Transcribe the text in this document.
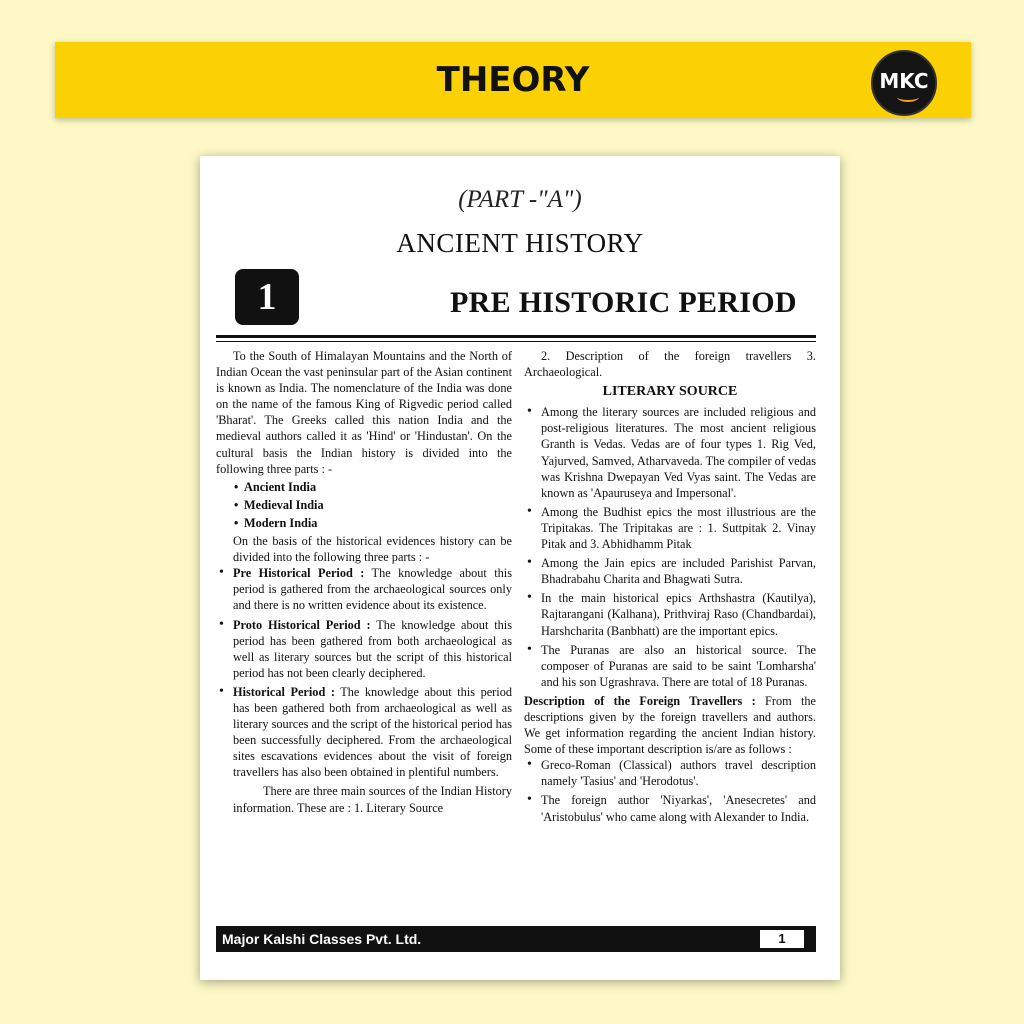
THEORY	MKC
(PART -"A")
ANCIENT HISTORY
1	PRE HISTORIC PERIOD

To the South of Himalayan Mountains and the North of Indian Ocean the vast peninsular part of the Asian continent is known as India. The nomenclature of the India was done on the name of the famous King of Rigvedic period called 'Bharat'. The Greeks called this nation India and the medieval authors called it as 'Hind' or 'Hindustan'. On the cultural basis the Indian history is divided into the following three parts : -

• Ancient India
• Medieval India
• Modern India

On the basis of the historical evidences history can be divided into the following three parts : -

• Pre Historical Period : The knowledge about this period is gathered from the archaeological sources only and there is no written evidence about its existence.
• Proto Historical Period : The knowledge about this period has been gathered from both archaeological as well as literary sources but the script of this historical period has not been clearly deciphered.
• Historical Period : The knowledge about this period has been gathered both from archaeological as well as literary sources and the script of the historical period has been successfully deciphered. From the archaeological sites escavations evidences about the visit of foreign travellers has also been obtained in plentiful numbers.

There are three main sources of the Indian History information. These are : 1. Literary Source

2. Description of the foreign travellers 3. Archaeological.

LITERARY SOURCE
• Among the literary sources are included religious and post-religious literatures. The most ancient religious Granth is Vedas. Vedas are of four types 1. Rig Ved, Yajurved, Samved, Atharvaveda. The compiler of vedas was Krishna Dwepayan Ved Vyas saint. The Vedas are known as 'Apauruseya and Impersonal'.
• Among the Budhist epics the most illustrious are the Tripitakas. The Tripitakas are : 1. Suttpitak 2. Vinay Pitak and 3. Abhidhamm Pitak
• Among the Jain epics are included Parishist Parvan, Bhadrabahu Charita and Bhagwati Sutra.
• In the main historical epics Arthshastra (Kautilya), Rajtarangani (Kalhana), Prithviraj Raso (Chandbardai), Harshcharita (Banbhatt) are the important epics.
• The Puranas are also an historical source. The composer of Puranas are said to be saint 'Lomharsha' and his son Ugrashrava. There are total of 18 Puranas.

Description of the Foreign Travellers : From the descriptions given by the foreign travellers and authors. We get information regarding the ancient Indian history. Some of these important description is/are as follows :

• Greco-Roman (Classical) authors travel description namely 'Tasius' and 'Herodotus'.
• The foreign author 'Niyarkas', 'Anesecretes' and 'Aristobulus' who came along with Alexander to India.
Major Kalshi Classes Pvt. Ltd.	1
